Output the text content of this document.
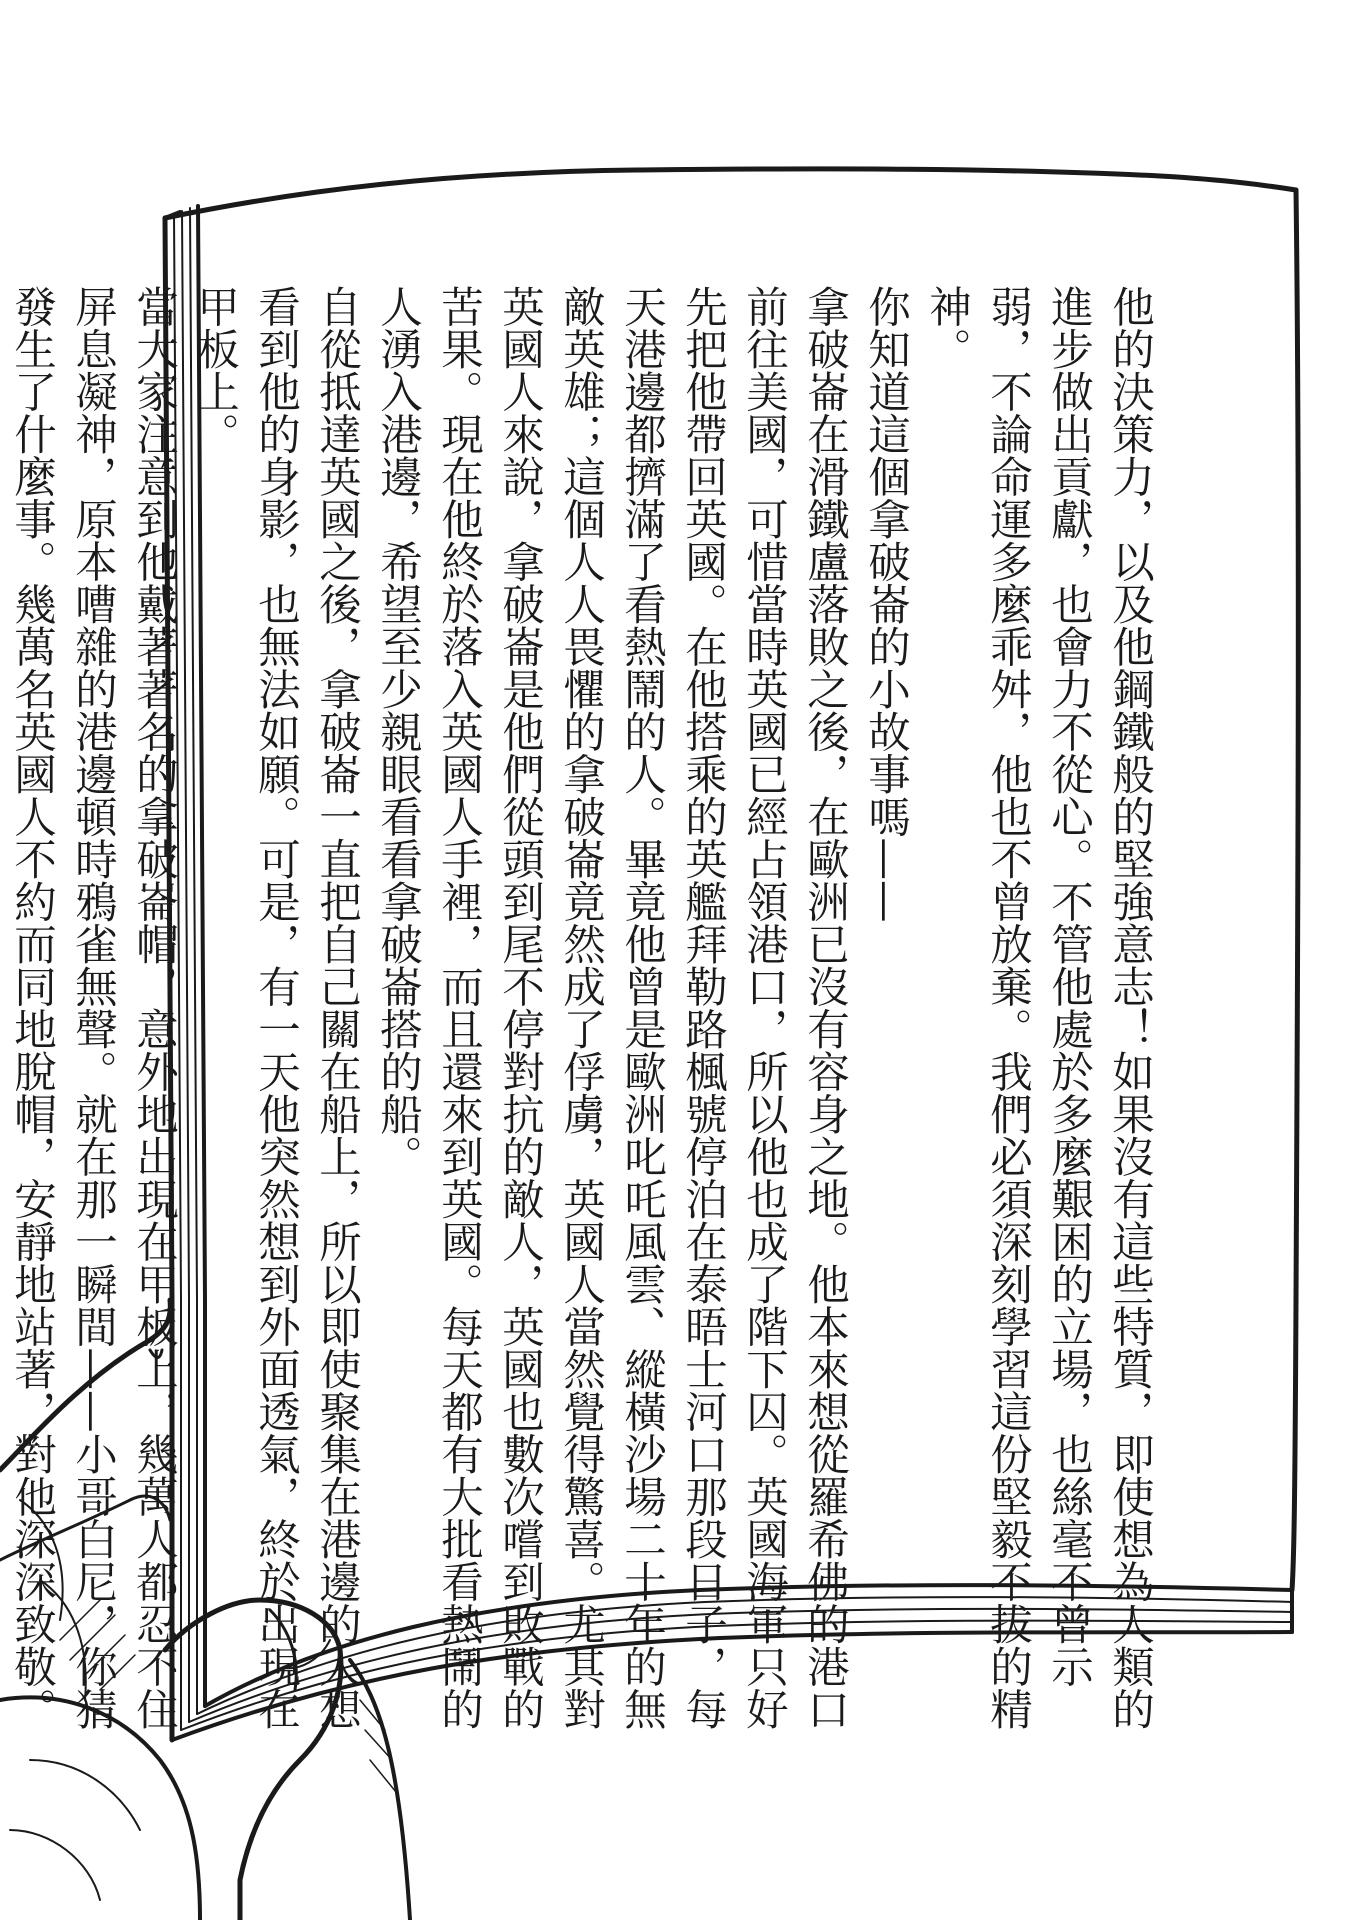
他的決策力，以及他鋼鐵般的堅強意志！如果沒有這些特質，即使想為人類的進步做出貢獻，也會力不從心。不管他處於多麼艱困的立場，也絲毫不曾示弱，不論命運多麼乖舛，他也不曾放棄。我們必須深刻學習這份堅毅不拔的精神。

你知道這個拿破崙的小故事嗎——

拿破崙在滑鐵盧落敗之後，在歐洲已沒有容身之地。他本來想從羅希佛的港口前往美國，可惜當時英國已經占領港口，所以他也成了階下囚。英國海軍只好先把他帶回英國。在他搭乘的英艦拜勒路楓號停泊在泰晤士河口那段日子，每天港邊都擠滿了看熱鬧的人。畢竟他曾是歐洲叱吒風雲、縱橫沙場二十年的無敵英雄；這個人人畏懼的拿破崙竟然成了俘虜，英國人當然覺得驚喜。尤其對英國人來說，拿破崙是他們從頭到尾不停對抗的敵人，英國也數次嚐到敗戰的苦果。現在他終於落入英國人手裡，而且還來到英國。每天都有大批看熱鬧的人湧入港邊，希望至少親眼看看拿破崙搭的船。

自從抵達英國之後，拿破崙一直把自己關在船上，所以即使聚集在港邊的人想看到他的身影，也無法如願。可是，有一天他突然想到外面透氣，終於出現在甲板上。

當大家注意到他戴著著名的拿破崙帽，意外地出現在甲板上，幾萬人都忍不住屏息凝神，原本嘈雜的港邊頓時鴉雀無聲。就在那一瞬間——小哥白尼，你猜發生了什麼事。幾萬名英國人不約而同地脫帽，安靜地站著，對他深深致敬。
